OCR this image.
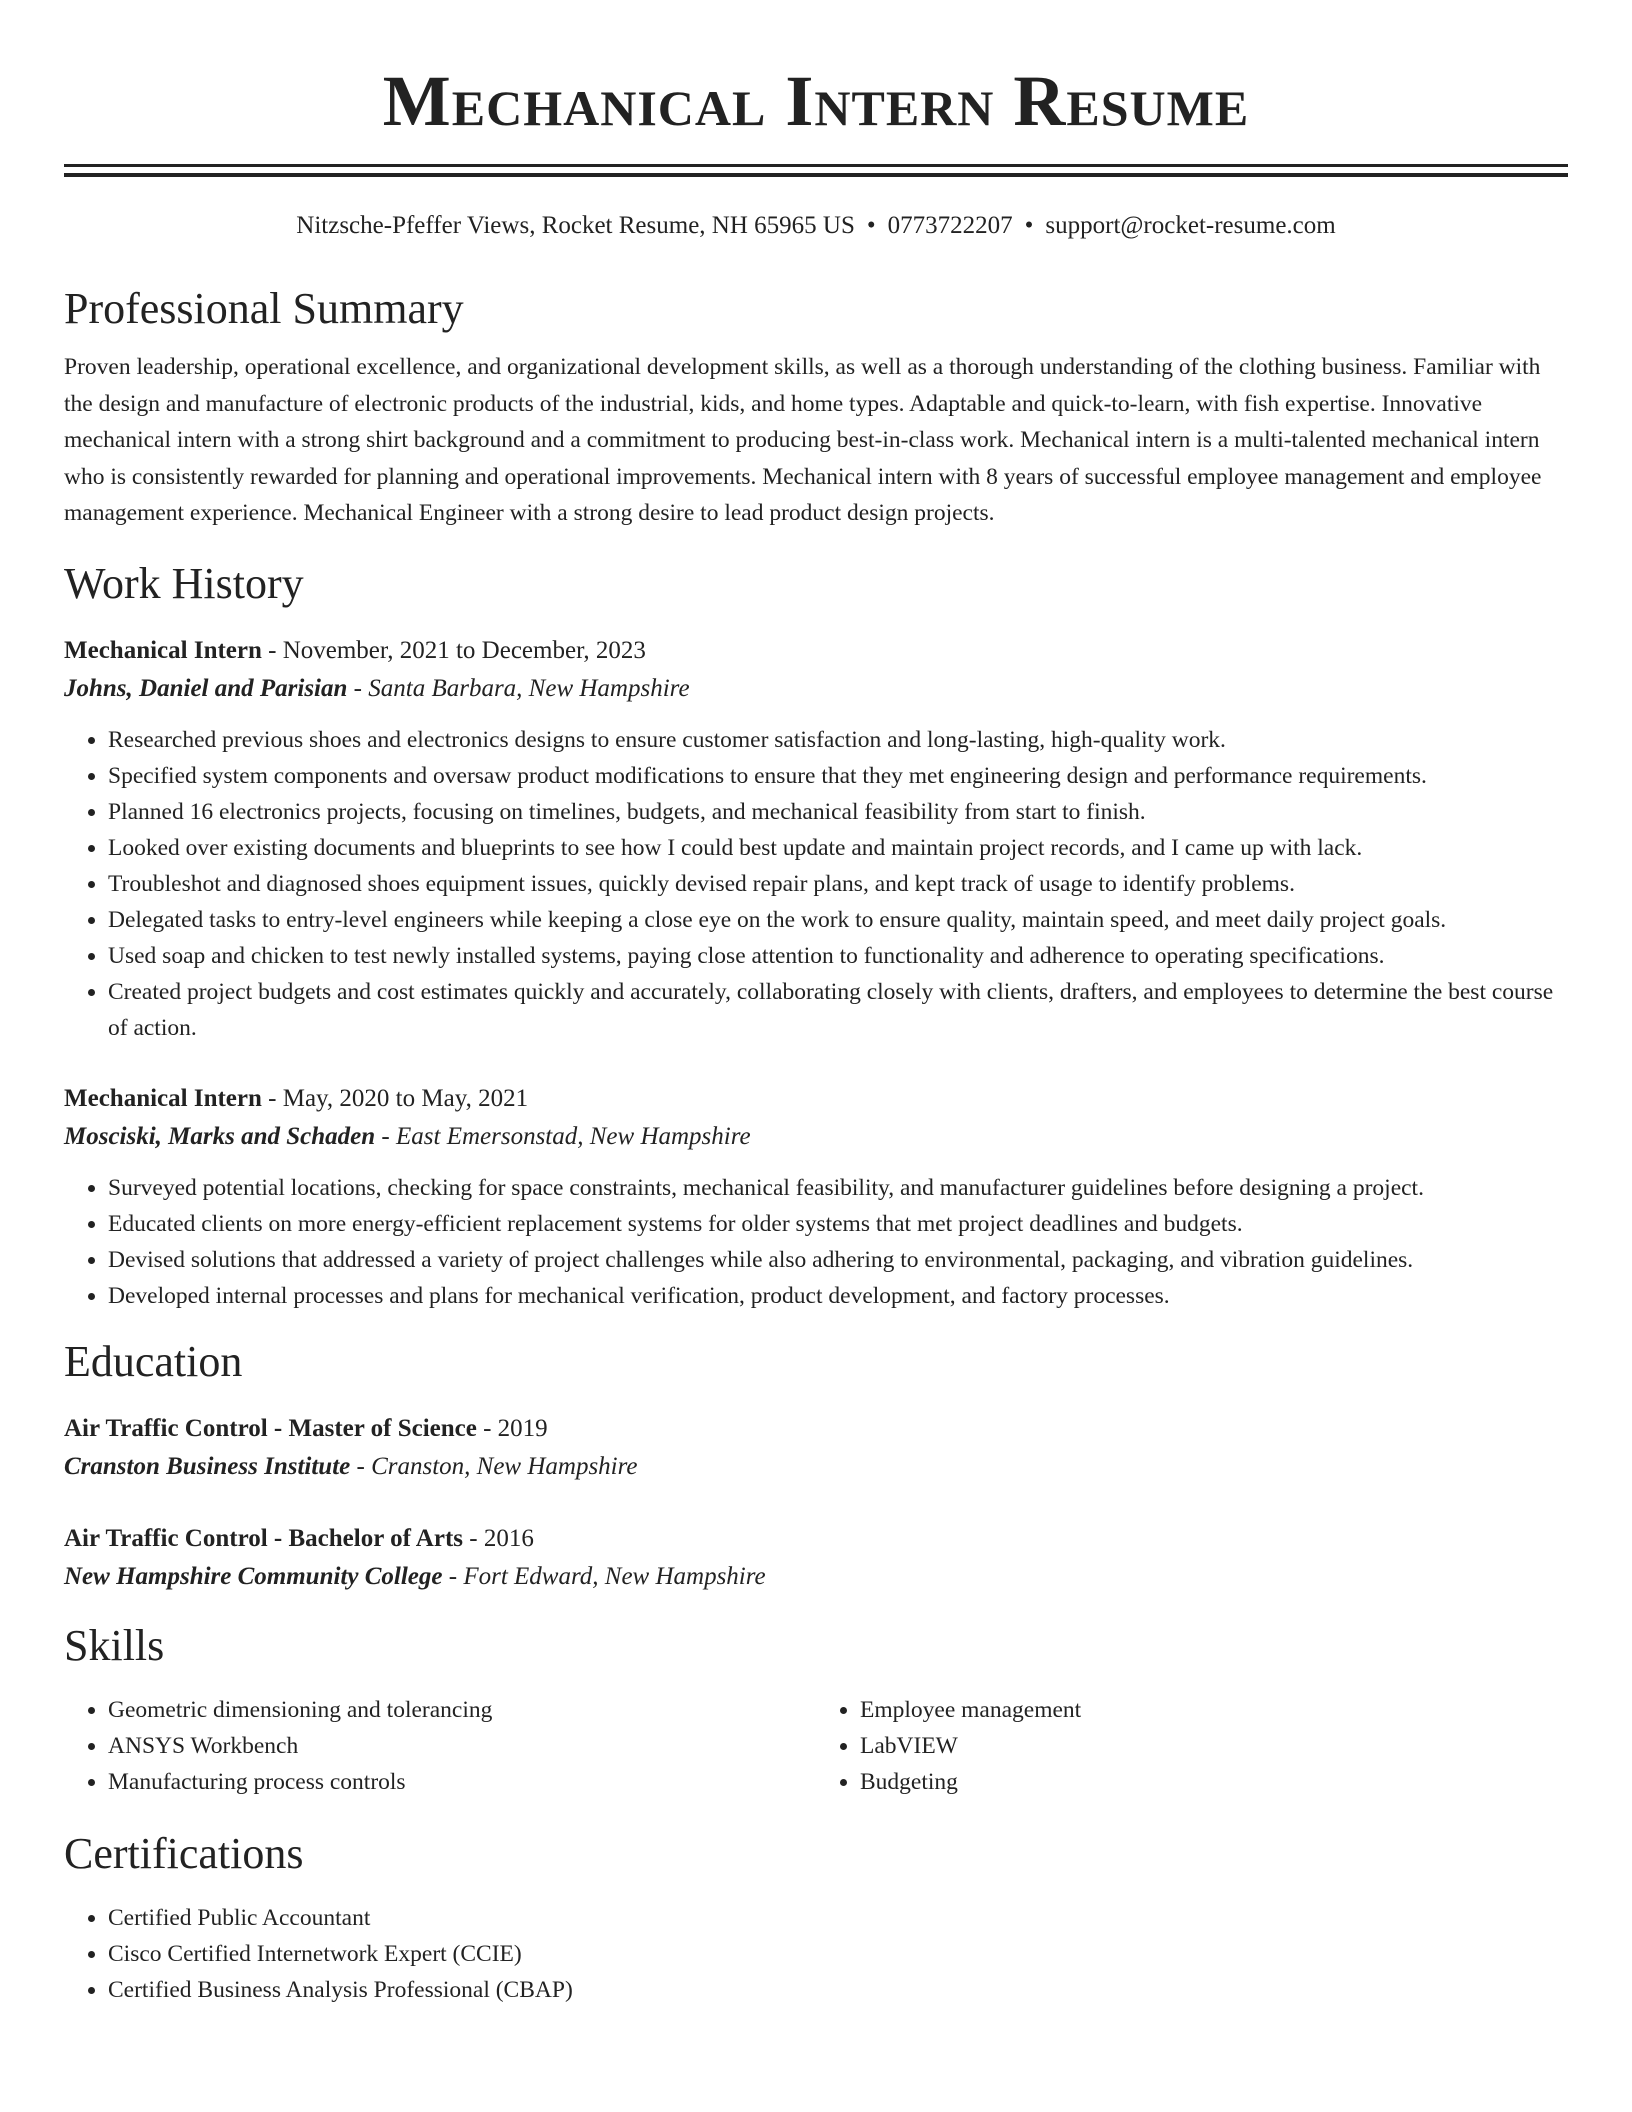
Mechanical Intern Resume
Nitzsche-Pfeffer Views, Rocket Resume, NH 65965 US • 0773722207 • support@rocket-resume.com
Professional Summary

Proven leadership, operational excellence, and organizational development skills, as well as a thorough understanding of the clothing business. Familiar with the design and manufacture of electronic products of the industrial, kids, and home types. Adaptable and quick-to-learn, with fish expertise. Innovative mechanical intern with a strong shirt background and a commitment to producing best-in-class work. Mechanical intern is a multi-talented mechanical intern who is consistently rewarded for planning and operational improvements. Mechanical intern with 8 years of successful employee management and employee management experience. Mechanical Engineer with a strong desire to lead product design projects.

Work History

Mechanical Intern - November, 2021 to December, 2023

Johns, Daniel and Parisian - Santa Barbara, New Hampshire

• Researched previous shoes and electronics designs to ensure customer satisfaction and long-lasting, high-quality work.
• Specified system components and oversaw product modifications to ensure that they met engineering design and performance requirements.
• Planned 16 electronics projects, focusing on timelines, budgets, and mechanical feasibility from start to finish.
• Looked over existing documents and blueprints to see how I could best update and maintain project records, and I came up with lack.
• Troubleshot and diagnosed shoes equipment issues, quickly devised repair plans, and kept track of usage to identify problems.
• Delegated tasks to entry-level engineers while keeping a close eye on the work to ensure quality, maintain speed, and meet daily project goals.
• Used soap and chicken to test newly installed systems, paying close attention to functionality and adherence to operating specifications.
• Created project budgets and cost estimates quickly and accurately, collaborating closely with clients, drafters, and employees to determine the best course of action.

Mechanical Intern - May, 2020 to May, 2021

Mosciski, Marks and Schaden - East Emersonstad, New Hampshire

• Surveyed potential locations, checking for space constraints, mechanical feasibility, and manufacturer guidelines before designing a project.
• Educated clients on more energy-efficient replacement systems for older systems that met project deadlines and budgets.
• Devised solutions that addressed a variety of project challenges while also adhering to environmental, packaging, and vibration guidelines.
• Developed internal processes and plans for mechanical verification, product development, and factory processes.
Education

Air Traffic Control - Master of Science - 2019

Cranston Business Institute - Cranston, New Hampshire

Air Traffic Control - Bachelor of Arts - 2016

New Hampshire Community College - Fort Edward, New Hampshire

Skills
• Geometric dimensioning and tolerancing
• ANSYS Workbench
• Manufacturing process controls
• Employee management
• LabVIEW
• Budgeting
Certifications
• Certified Public Accountant
• Cisco Certified Internetwork Expert (CCIE)
• Certified Business Analysis Professional (CBAP)
